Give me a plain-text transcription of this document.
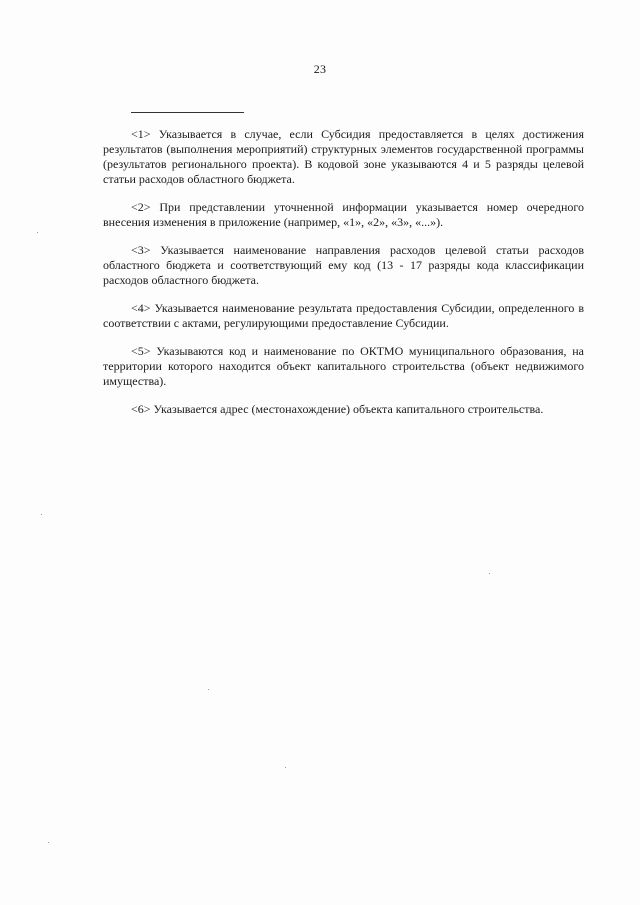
23

<1> Указывается в случае, если Субсидия предоставляется в целях достижения результатов (выполнения мероприятий) структурных элементов государственной программы (результатов регионального проекта). В кодовой зоне указываются 4 и 5 разряды целевой статьи расходов областного бюджета.

<2> При представлении уточненной информации указывается номер очередного внесения изменения в приложение (например, «1», «2», «3», «...»).

<3> Указывается наименование направления расходов целевой статьи расходов областного бюджета и соответствующий ему код (13 - 17 разряды кода классификации расходов областного бюджета.

<4> Указывается наименование результата предоставления Субсидии, определенного в соответствии с актами, регулирующими предоставление Субсидии.

<5> Указываются код и наименование по ОКТМО муниципального образования, на территории которого находится объект капитального строительства (объект недвижимого имущества).

<6> Указывается адрес (местонахождение) объекта капитального строительства.
